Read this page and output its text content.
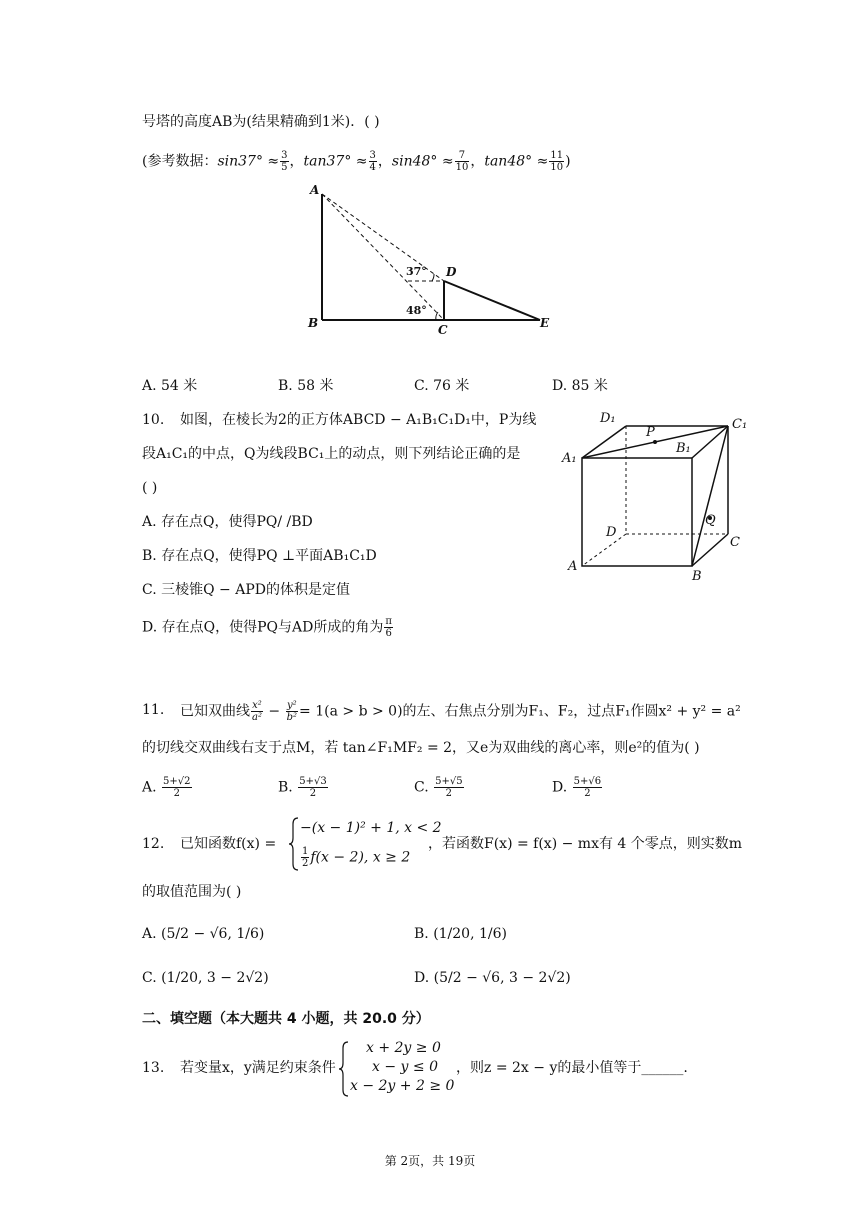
号塔的高度AB为(结果精确到1米)．( )
(参考数据：$\sin 37^\circ \approx \frac{3}{5}$ ，$\tan 37^\circ \approx \frac{3}{4}$ ，$\sin 48^\circ \approx \frac{7}{10}$ ，$\tan 48^\circ \approx \frac{11}{10}$ )
A
B	C
D
E
37°
48°
A. 54 米	B. 58 米	C. 76 米	D. 85 米
10. 如图，在棱长为2的正方体ABCD − A₁B₁C₁D₁中，P为线
段A₁C₁的中点，Q为线段BC₁上的动点，则下列结论正确的是
( )
A. 存在点Q，使得PQ/ /BD
B. 存在点Q，使得PQ ⊥平面AB₁C₁D
C. 三棱锥Q − APD的体积是定值
D. 存在点Q，使得PQ与AD所成的角为 $\frac{\pi}{6}$
D₁	C₁
P
B₁
A₁
Q
D
C
A
B
11. 已知双曲线 $\frac{\text{x²}}{\text{a²}} - \frac{\text{y²}}{\text{b²}} = 1(a > b > 0)$的左、右焦点分别为F₁、F₂，过点F₁作圆x² + y² = a²
的切线交双曲线右支于点M，若 tan∠F₁MF₂ = 2，又e为双曲线的离心率，则e²的值为( )
A. $\frac{5+√2}{2}$	B. $\frac{5+√3}{2}$	C. $\frac{5+√5}{2}$	D. $\frac{5+√6}{2}$
12. 已知函数f(x) =
−(x − 1)² + 1, x < 2
$\frac{1}{2} f(x - 2)$, x ≥ 2
，若函数F(x) = f(x) − mx有 4 个零点，则实数m
的取值范围为( )
A. (5/2 − √6, 1/6)	B. (1/20, 1/6)
C. (1/20, 3 − 2√2)	D. (5/2 − √6, 3 − 2√2)
二、填空题（本大题共 4 小题，共 20.0 分）
13. 若变量x，y满足约束条件
x + 2y ≥ 0
x − y ≤ 0
x − 2y + 2 ≥ 0
，则z = 2x − y的最小值等于______.
第 2页，共 19页
